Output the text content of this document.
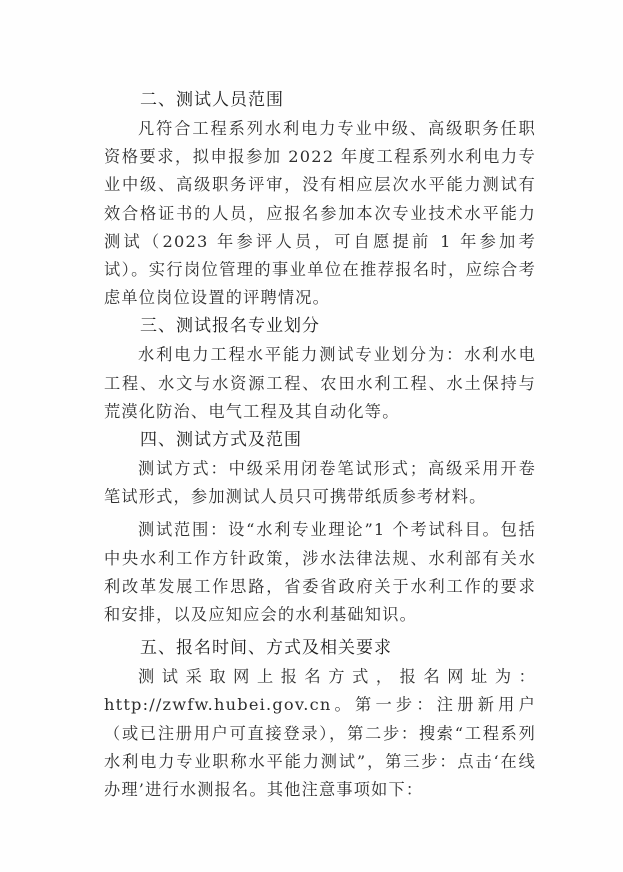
二、测试人员范围

凡符合工程系列水利电力专业中级、高级职务任职资格要求，拟申报参加 2022 年度工程系列水利电力专业中级、高级职务评审，没有相应层次水平能力测试有效合格证书的人员，应报名参加本次专业技术水平能力测试（2023 年参评人员，可自愿提前 1 年参加考试）。实行岗位管理的事业单位在推荐报名时，应综合考虑单位岗位设置的评聘情况。

三、测试报名专业划分

水利电力工程水平能力测试专业划分为：水利水电工程、水文与水资源工程、农田水利工程、水土保持与荒漠化防治、电气工程及其自动化等。

四、测试方式及范围

测试方式：中级采用闭卷笔试形式；高级采用开卷笔试形式，参加测试人员只可携带纸质参考材料。

测试范围：设“水利专业理论”1 个考试科目。包括中央水利工作方针政策，涉水法律法规、水利部有关水利改革发展工作思路，省委省政府关于水利工作的要求和安排，以及应知应会的水利基础知识。

五、报名时间、方式及相关要求

测试采取网上报名方式，报名网址为：http://zwfw.hubei.gov.cn。第一步：注册新用户（或已注册用户可直接登录），第二步：搜索“工程系列水利电力专业职称水平能力测试”，第三步：点击‘在线办理’进行水测报名。其他注意事项如下：
